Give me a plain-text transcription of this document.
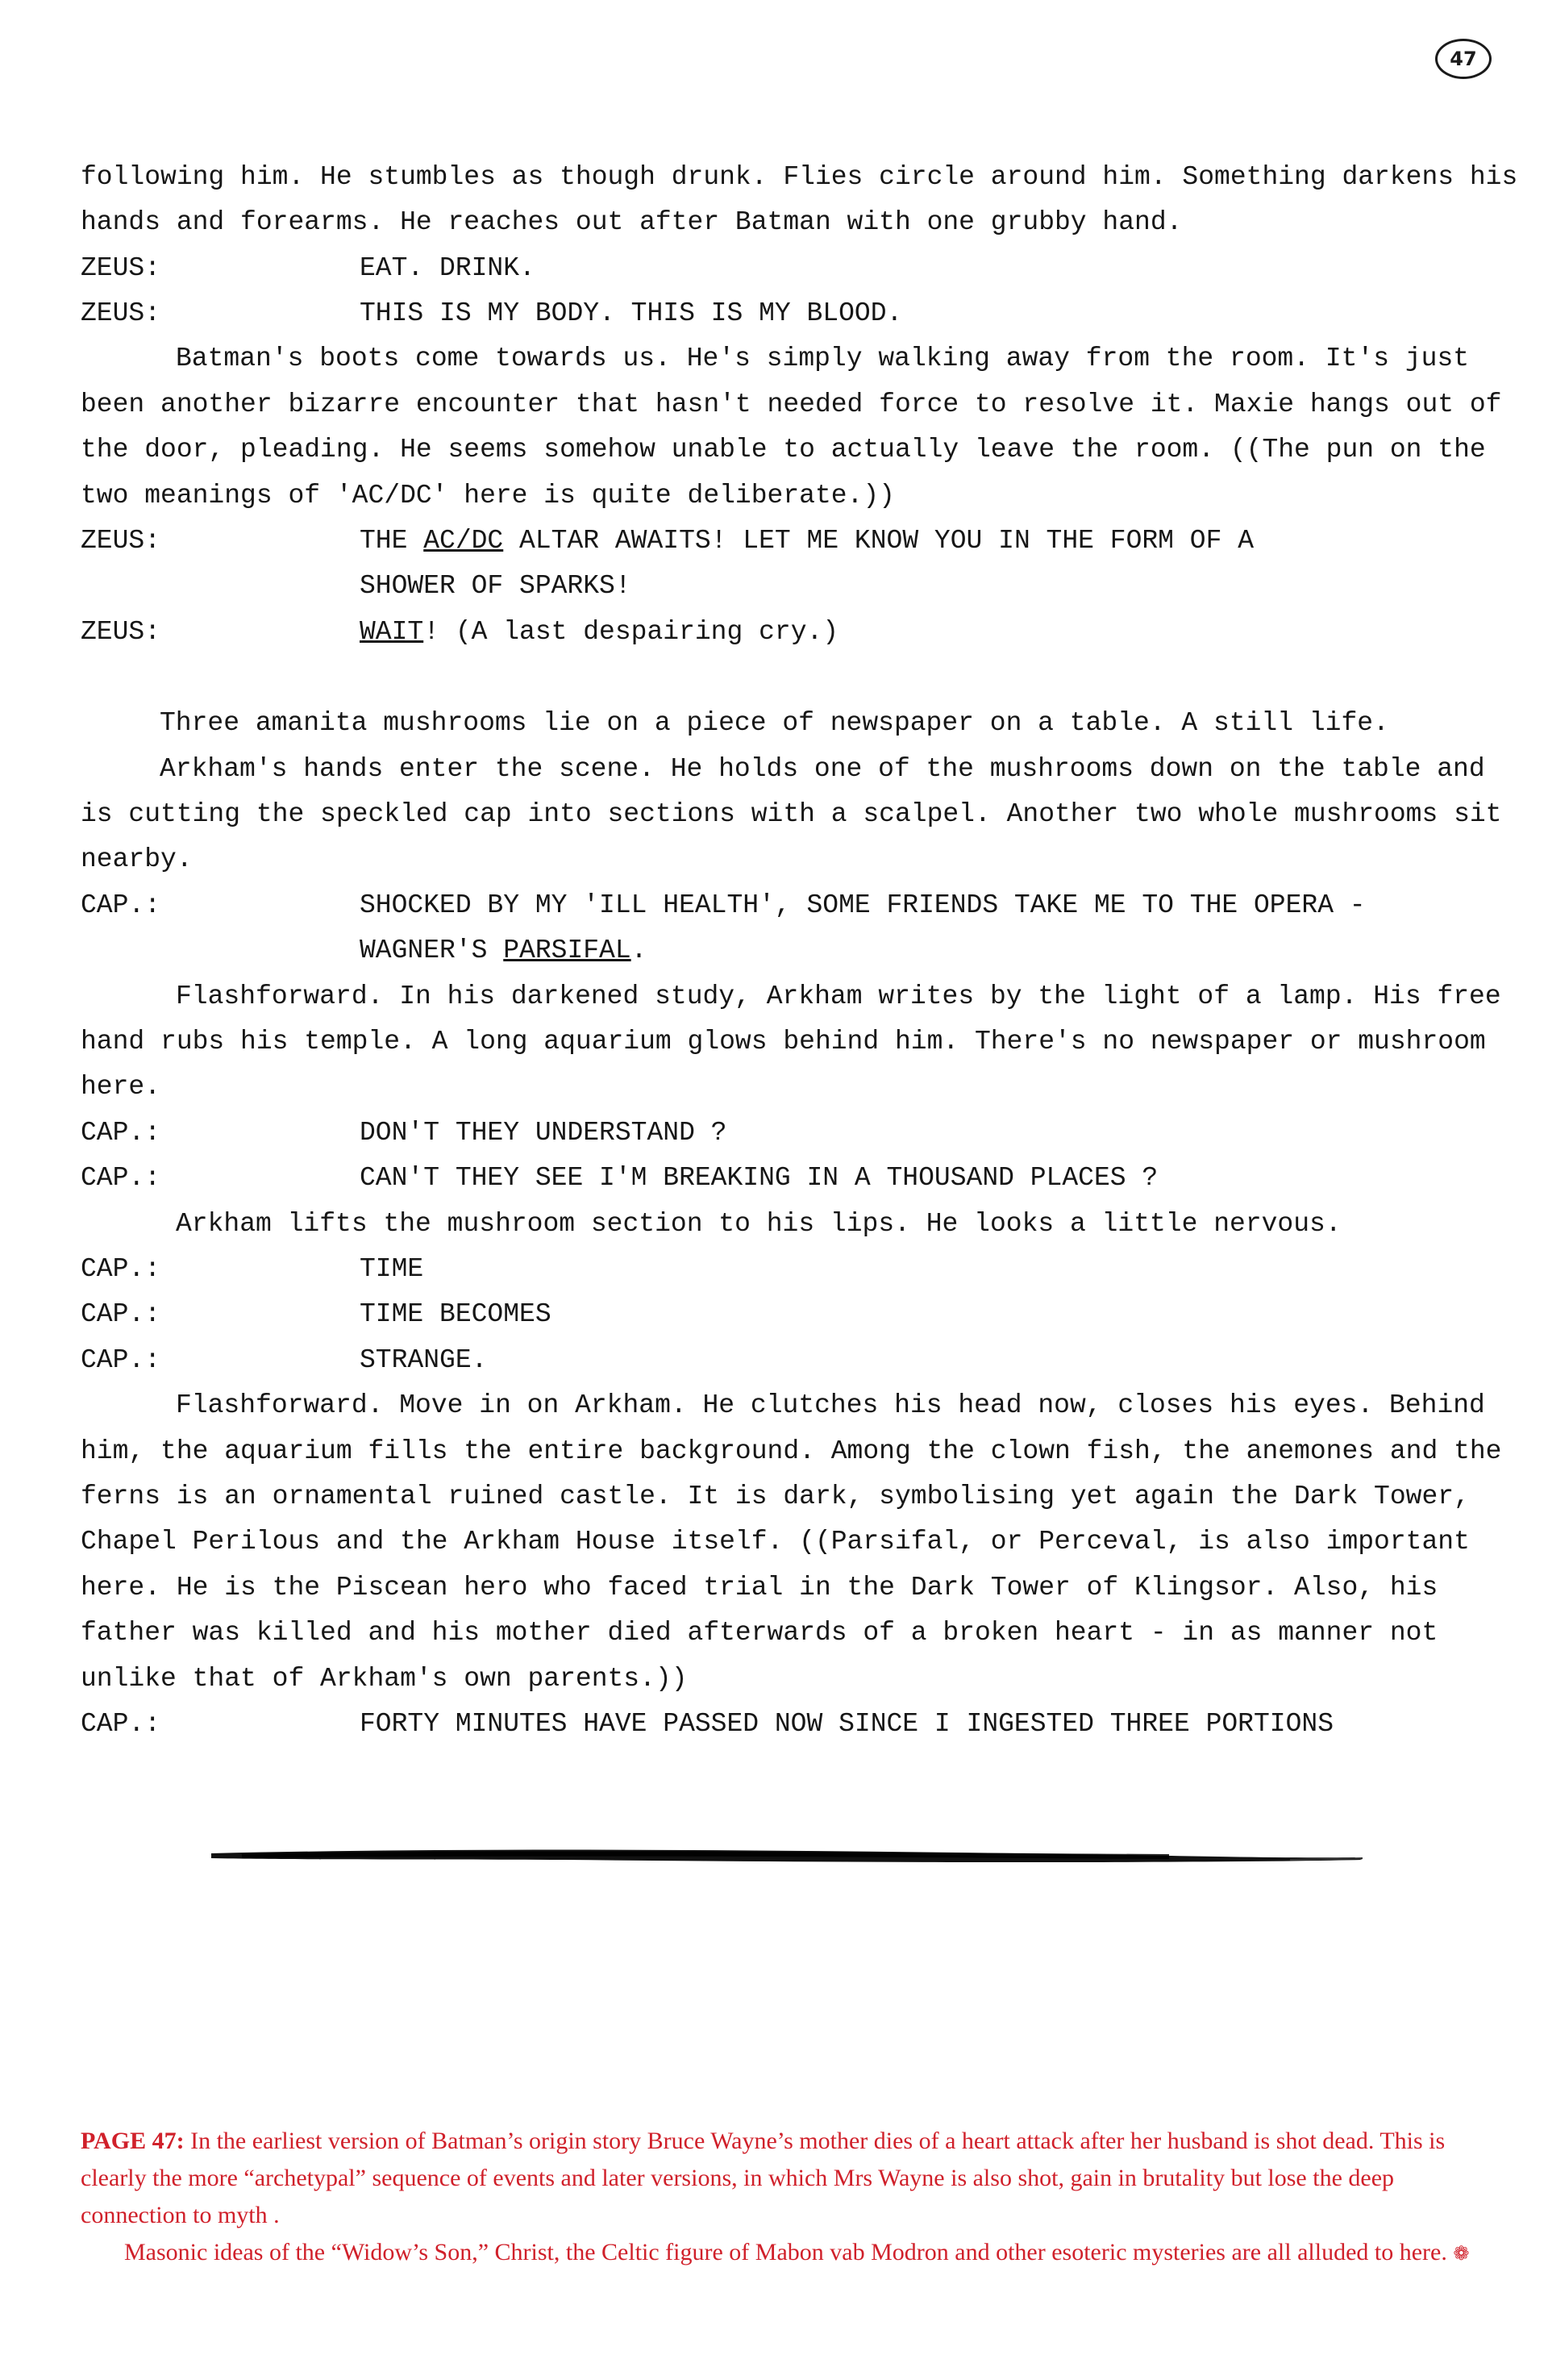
47
following him. He stumbles as though drunk. Flies circle around him. Something darkens his
hands and forearms. He reaches out after Batman with one grubby hand.
ZEUS:	EAT. DRINK.
ZEUS:	THIS IS MY BODY. THIS IS MY BLOOD.
Batman's boots come towards us. He's simply walking away from the room. It's just
been another bizarre encounter that hasn't needed force to resolve it. Maxie hangs out of
the door, pleading. He seems somehow unable to actually leave the room. ((The pun on the
two meanings of 'AC/DC' here is quite deliberate.))
ZEUS:	THE AC/DC ALTAR AWAITS! LET ME KNOW YOU IN THE FORM OF A
SHOWER OF SPARKS!
ZEUS:	WAIT! (A last despairing cry.)
Three amanita mushrooms lie on a piece of newspaper on a table. A still life.
Arkham's hands enter the scene. He holds one of the mushrooms down on the table and
is cutting the speckled cap into sections with a scalpel. Another two whole mushrooms sit
nearby.
CAP.:	SHOCKED BY MY 'ILL HEALTH', SOME FRIENDS TAKE ME TO THE OPERA -
WAGNER'S PARSIFAL.
Flashforward. In his darkened study, Arkham writes by the light of a lamp. His free
hand rubs his temple. A long aquarium glows behind him. There's no newspaper or mushroom
here.
CAP.:	DON'T THEY UNDERSTAND ?
CAP.:	CAN'T THEY SEE I'M BREAKING IN A THOUSAND PLACES ?
Arkham lifts the mushroom section to his lips. He looks a little nervous.
CAP.:	TIME
CAP.:	TIME BECOMES
CAP.:	STRANGE.
Flashforward. Move in on Arkham. He clutches his head now, closes his eyes. Behind
him, the aquarium fills the entire background. Among the clown fish, the anemones and the
ferns is an ornamental ruined castle. It is dark, symbolising yet again the Dark Tower,
Chapel Perilous and the Arkham House itself. ((Parsifal, or Perceval, is also important
here. He is the Piscean hero who faced trial in the Dark Tower of Klingsor. Also, his
father was killed and his mother died afterwards of a broken heart - in as manner not
unlike that of Arkham's own parents.))
CAP.:	FORTY MINUTES HAVE PASSED NOW SINCE I INGESTED THREE PORTIONS
PAGE 47: In the earliest version of Batman’s origin story Bruce Wayne’s mother dies of a heart attack after her husband is shot dead. This is clearly the more “archetypal” sequence of events and later versions, in which Mrs Wayne is also shot, gain in brutality but lose the deep connection to myth .
Masonic ideas of the “Widow’s Son,” Christ, the Celtic figure of Mabon vab Modron and other esoteric mysteries are all alluded to here. ❁
